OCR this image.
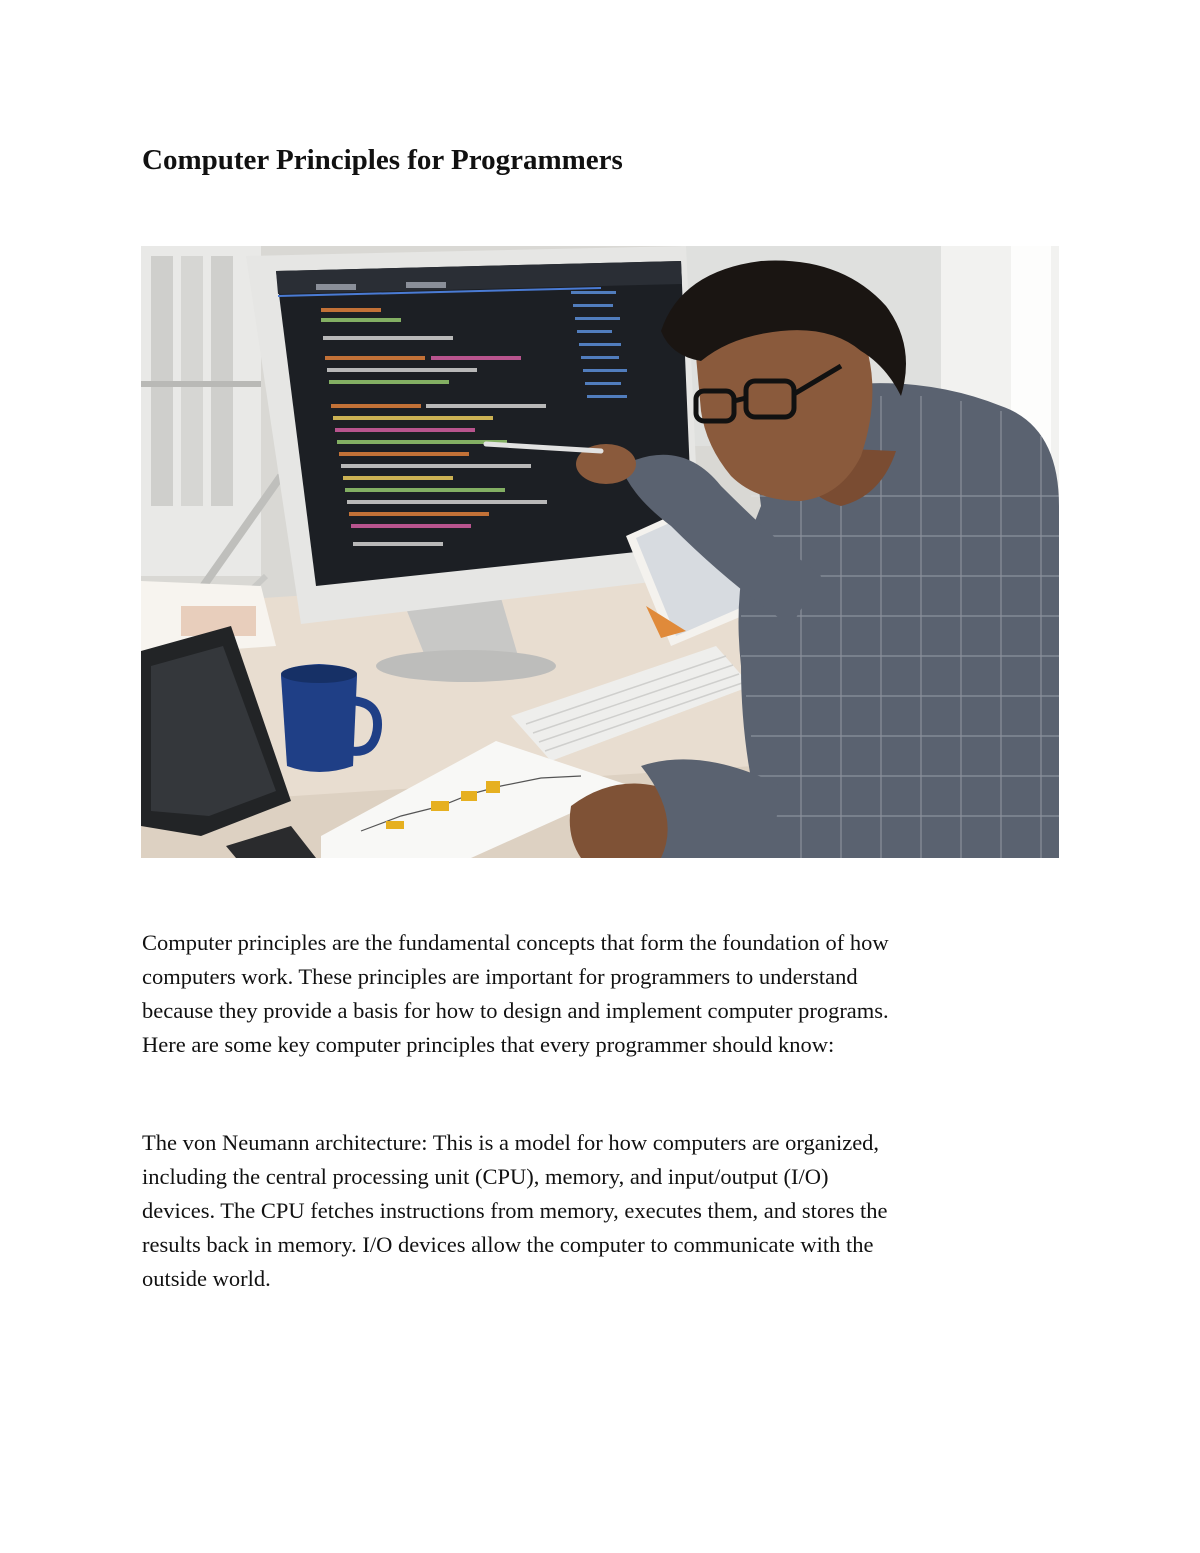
Computer Principles for Programmers

Computer principles are the fundamental concepts that form the foundation of how
computers work. These principles are important for programmers to understand
because they provide a basis for how to design and implement computer programs.
Here are some key computer principles that every programmer should know:

The von Neumann architecture: This is a model for how computers are organized,
including the central processing unit (CPU), memory, and input/output (I/O)
devices. The CPU fetches instructions from memory, executes them, and stores the
results back in memory. I/O devices allow the computer to communicate with the
outside world.
